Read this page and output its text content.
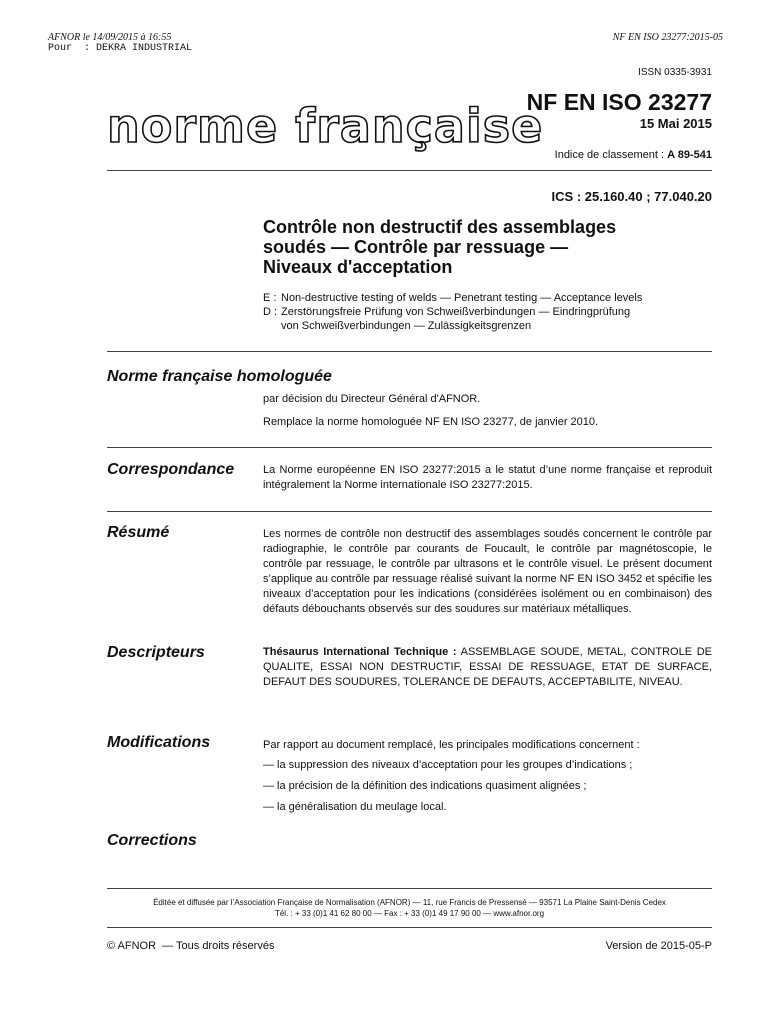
AFNOR le 14/09/2015 à 16:55
Pour  : DEKRA INDUSTRIAL
NF EN ISO 23277:2015-05
ISSN 0335-3931
norme française
NF EN ISO 23277
15 Mai 2015
Indice de classement : A 89-541
ICS : 25.160.40 ; 77.040.20
Contrôle non destructif des assemblages
soudés — Contrôle par ressuage —
Niveaux d'acceptation
E : Non-destructive testing of welds — Penetrant testing — Acceptance levels
D : Zerstörungsfreie Prüfung von Schweißverbindungen — Eindringprüfung
von Schweißverbindungen — Zulässigkeitsgrenzen
Norme française homologuée
par décision du Directeur Général d'AFNOR.
Remplace la norme homologuée NF EN ISO 23277, de janvier 2010.
Correspondance	La Norme européenne EN ISO 23277:2015 a le statut d’une norme française et reproduit intégralement la Norme internationale ISO 23277:2015.
Résumé	Les normes de contrôle non destructif des assemblages soudés concernent le contrôle par radiographie, le contrôle par courants de Foucault, le contrôle par magnétoscopie, le contrôle par ressuage, le contrôle par ultrasons et le contrôle visuel. Le présent document s’applique au contrôle par ressuage réalisé suivant la norme NF EN ISO 3452 et spécifie les niveaux d’acceptation pour les indications (considérées isolément ou en combinaison) des défauts débouchants observés sur des soudures sur matériaux métalliques.
Descripteurs	Thésaurus International Technique : ASSEMBLAGE SOUDE, METAL, CONTROLE DE QUALITE, ESSAI NON DESTRUCTIF, ESSAI DE RESSUAGE, ETAT DE SURFACE, DEFAUT DES SOUDURES, TOLERANCE DE DEFAUTS, ACCEPTABILITE, NIVEAU.
Modifications	Par rapport au document remplacé, les principales modifications concernent :
— la suppression des niveaux d’acceptation pour les groupes d’indications ;
— la précision de la définition des indications quasiment alignées ;
— la généralisation du meulage local.
Corrections
Éditée et diffusée par l’Association Française de Normalisation (AFNOR) — 11, rue Francis de Pressensé — 93571 La Plaine Saint-Denis Cedex
Tél. : + 33 (0)1 41 62 80 00 — Fax : + 33 (0)1 49 17 90 00 — www.afnor.org
© AFNOR  — Tous droits réservés	Version de 2015-05-P
